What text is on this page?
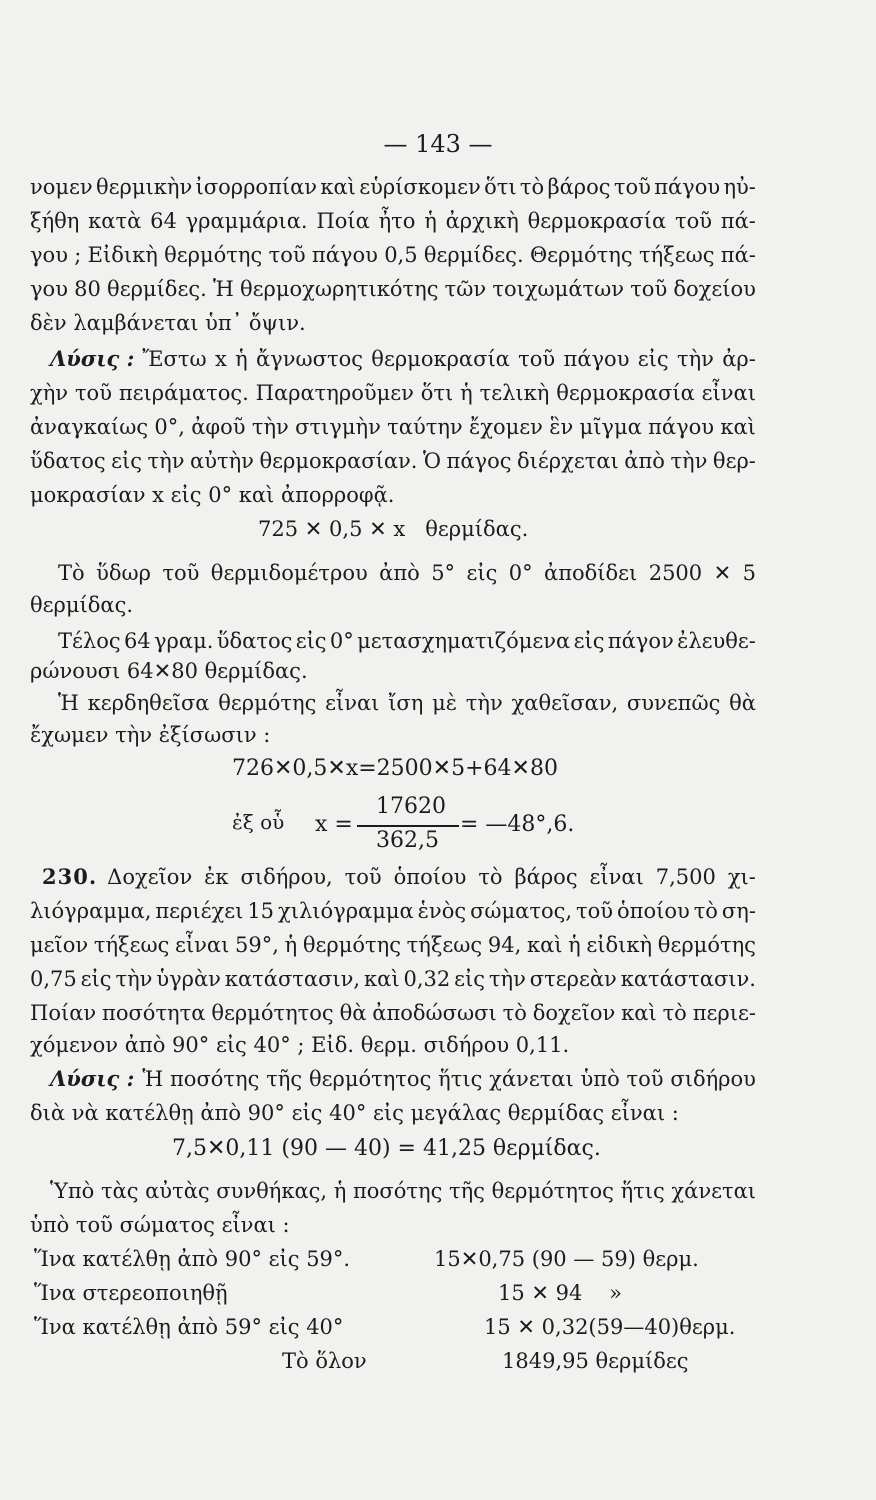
— 143 —
νομεν θερμικὴν ἰσορροπίαν καὶ εὑρίσκομεν ὅτι τὸ βάρος τοῦ πάγου ηὐ-
ξήθη κατὰ 64 γραμμάρια. Ποία ἦτο ἡ ἀρχικὴ θερμοκρασία τοῦ πά-
γου ; Εἰδικὴ θερμότης τοῦ πάγου 0,5 θερμίδες. Θερμότης τήξεως πά-
γου 80 θερμίδες. Ἡ θερμοχωρητικότης τῶν τοιχωμάτων τοῦ δοχείου
δὲν λαμβάνεται ὑπ᾿ ὄψιν.
Λύσις : Ἔστω x ἡ ἄγνωστος θερμοκρασία τοῦ πάγου εἰς τὴν ἀρ-
χὴν τοῦ πειράματος. Παρατηροῦμεν ὅτι ἡ τελικὴ θερμοκρασία εἶναι
ἀναγκαίως 0°, ἀφοῦ τὴν στιγμὴν ταύτην ἔχομεν ἓν μῖγμα πάγου καὶ
ὕδατος εἰς τὴν αὐτὴν θερμοκρασίαν. Ὁ πάγος διέρχεται ἀπὸ τὴν θερ-
μοκρασίαν x εἰς 0° καὶ ἀπορροφᾷ.
725 ✕ 0,5 ✕ x   θερμίδας.
Τὸ ὕδωρ τοῦ θερμιδομέτρου ἀπὸ 5° εἰς 0° ἀποδίδει 2500 ✕ 5
θερμίδας.
Τέλος 64 γραμ. ὕδατος εἰς 0° μετασχηματιζόμενα εἰς πάγον ἐλευθε-
ρώνουσι 64✕80 θερμίδας.
Ἡ κερδηθεῖσα θερμότης εἶναι ἴση μὲ τὴν χαθεῖσαν, συνεπῶς θὰ
ἔχωμεν τὴν ἐξίσωσιν :
726✕0,5✕x=2500✕5+64✕80
ἐξ οὗ x =
17620
362,5
= —48°,6.
230. Δοχεῖον ἐκ σιδήρου, τοῦ ὁποίου τὸ βάρος εἶναι 7,500 χι-
λιόγραμμα, περιέχει 15 χιλιόγραμμα ἑνὸς σώματος, τοῦ ὁποίου τὸ ση-
μεῖον τήξεως εἶναι 59°, ἡ θερμότης τήξεως 94, καὶ ἡ εἰδικὴ θερμότης
0,75 εἰς τὴν ὑγρὰν κατάστασιν, καὶ 0,32 εἰς τὴν στερεὰν κατάστασιν.
Ποίαν ποσότητα θερμότητος θὰ ἀποδώσωσι τὸ δοχεῖον καὶ τὸ περιε-
χόμενον ἀπὸ 90° εἰς 40° ; Εἰδ. θερμ. σιδήρου 0,11.
Λύσις : Ἡ ποσότης τῆς θερμότητος ἥτις χάνεται ὑπὸ τοῦ σιδήρου
διὰ νὰ κατέλθῃ ἀπὸ 90° εἰς 40° εἰς μεγάλας θερμίδας εἶναι :
7,5✕0,11 (90 — 40) = 41,25 θερμίδας.
Ὑπὸ τὰς αὐτὰς συνθήκας, ἡ ποσότης τῆς θερμότητος ἥτις χάνεται
ὑπὸ τοῦ σώματος εἶναι :
Ἵνα κατέλθῃ ἀπὸ 90° εἰς 59°.	15✕0,75 (90 — 59) θερμ.
Ἵνα στερεοποιηθῇ	15 ✕ 94    »
Ἵνα κατέλθῃ ἀπὸ 59° εἰς 40°	15 ✕ 0,32(59—40)θερμ.
Τὸ ὅλον	1849,95 θερμίδες
